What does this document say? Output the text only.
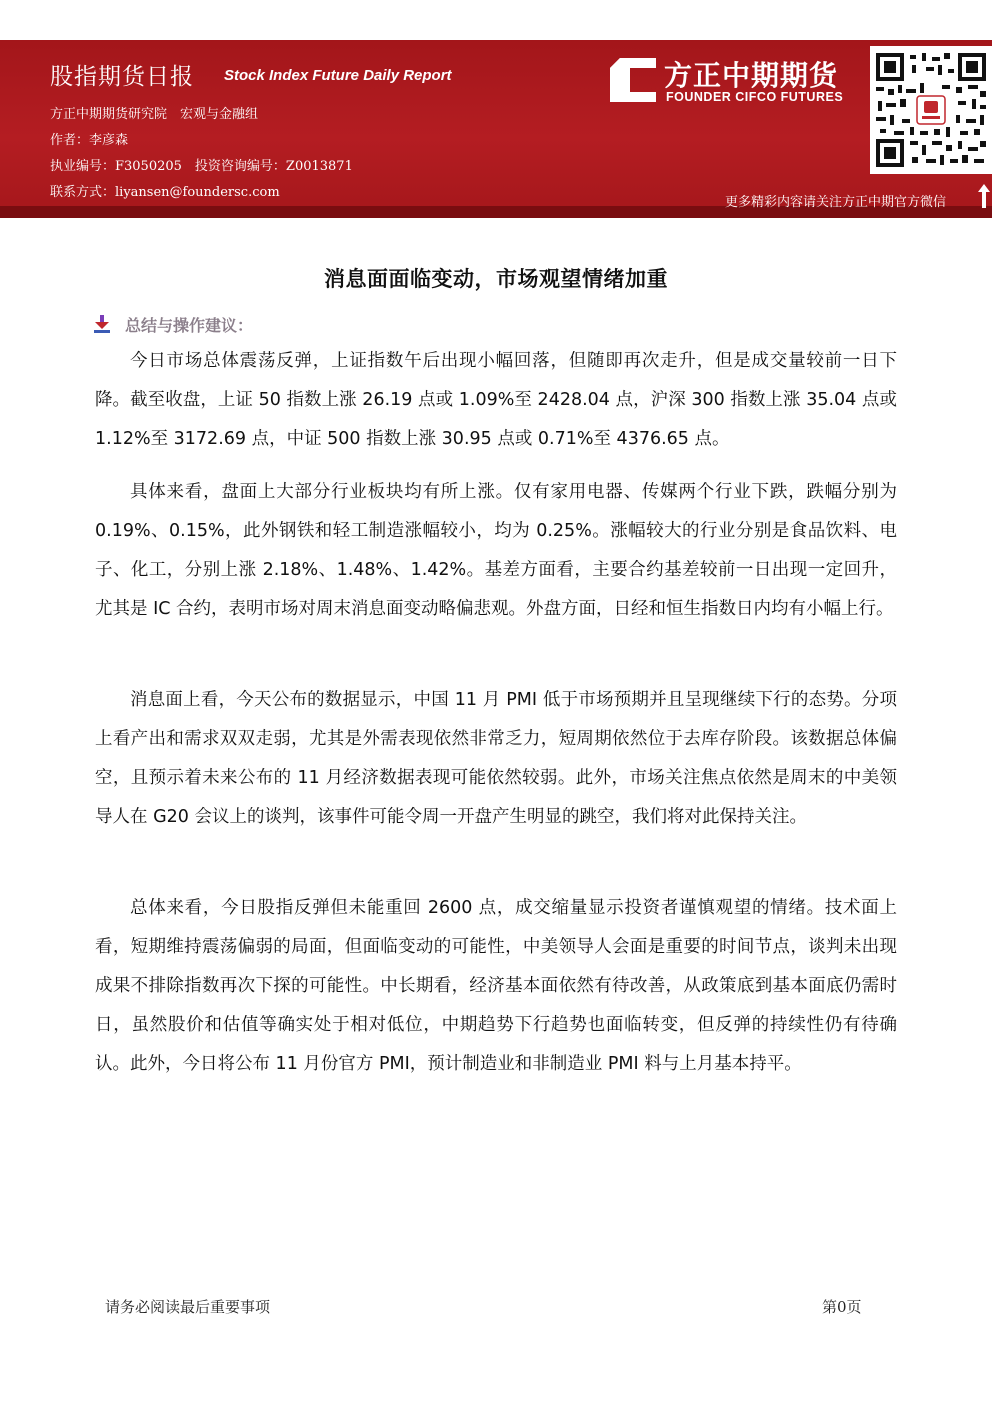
股指期货日报 Stock Index Future Daily Report
方正中期期货研究院　宏观与金融组
作者：李彦森
执业编号：F3050205　投资咨询编号：Z0013871
联系方式：liyansen@foundersc.com
方正中期期货
FOUNDER CIFCO FUTURES
更多精彩内容请关注方正中期官方微信
消息面面临变动，市场观望情绪加重
总结与操作建议：

今日市场总体震荡反弹，上证指数午后出现小幅回落，但随即再次走升，但是成交量较前一日下降。截至收盘，上证 50 指数上涨 26.19 点或 1.09%至 2428.04 点，沪深 300 指数上涨 35.04 点或 1.12%至 3172.69 点，中证 500 指数上涨 30.95 点或 0.71%至 4376.65 点。

具体来看，盘面上大部分行业板块均有所上涨。仅有家用电器、传媒两个行业下跌，跌幅分别为 0.19%、0.15%，此外钢铁和轻工制造涨幅较小，均为 0.25%。涨幅较大的行业分别是食品饮料、电子、化工，分别上涨 2.18%、1.48%、1.42%。基差方面看，主要合约基差较前一日出现一定回升，尤其是 IC 合约，表明市场对周末消息面变动略偏悲观。外盘方面，日经和恒生指数日内均有小幅上行。

消息面上看，今天公布的数据显示，中国 11 月 PMI 低于市场预期并且呈现继续下行的态势。分项上看产出和需求双双走弱，尤其是外需表现依然非常乏力，短周期依然位于去库存阶段。该数据总体偏空，且预示着未来公布的 11 月经济数据表现可能依然较弱。此外，市场关注焦点依然是周末的中美领导人在 G20 会议上的谈判，该事件可能令周一开盘产生明显的跳空，我们将对此保持关注。

总体来看，今日股指反弹但未能重回 2600 点，成交缩量显示投资者谨慎观望的情绪。技术面上看，短期维持震荡偏弱的局面，但面临变动的可能性，中美领导人会面是重要的时间节点，谈判未出现成果不排除指数再次下探的可能性。中长期看，经济基本面依然有待改善，从政策底到基本面底仍需时日，虽然股价和估值等确实处于相对低位，中期趋势下行趋势也面临转变，但反弹的持续性仍有待确认。此外，今日将公布 11 月份官方 PMI，预计制造业和非制造业 PMI 料与上月基本持平。

请务必阅读最后重要事项	第0页
